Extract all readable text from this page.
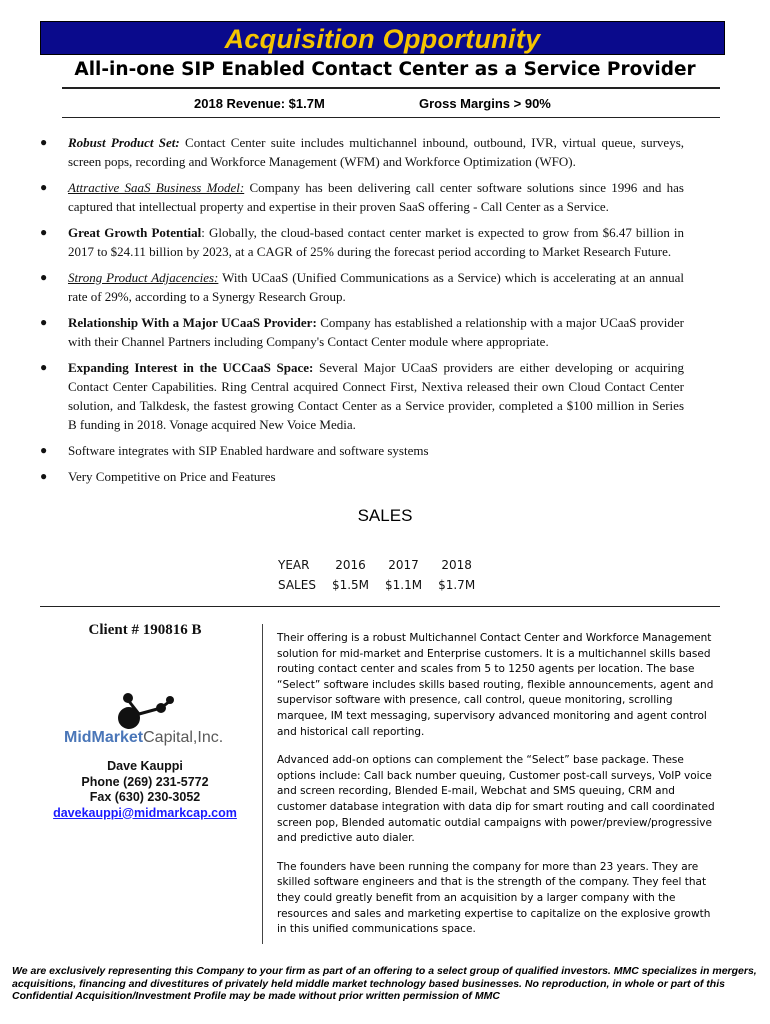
Acquisition Opportunity
All-in-one SIP Enabled Contact Center as a Service Provider
2018 Revenue: $1.7M	Gross Margins > 90%
● Robust Product Set: Contact Center suite includes multichannel inbound, outbound, IVR, virtual queue, surveys, screen pops, recording and Workforce Management (WFM) and Workforce Optimization (WFO).
● Attractive SaaS Business Model: Company has been delivering call center software solutions since 1996 and has captured that intellectual property and expertise in their proven SaaS offering - Call Center as a Service.
● Great Growth Potential: Globally, the cloud-based contact center market is expected to grow from $6.47 billion in 2017 to $24.11 billion by 2023, at a CAGR of 25% during the forecast period according to Market Research Future.
● Strong Product Adjacencies: With UCaaS (Unified Communications as a Service) which is accelerating at an annual rate of 29%, according to a Synergy Research Group.
● Relationship With a Major UCaaS Provider: Company has established a relationship with a major UCaaS provider with their Channel Partners including Company's Contact Center module where appropriate.
● Expanding Interest in the UCCaaS Space: Several Major UCaaS providers are either developing or acquiring Contact Center Capabilities. Ring Central acquired Connect First, Nextiva released their own Cloud Contact Center solution, and Talkdesk, the fastest growing Contact Center as a Service provider, completed a $100 million in Series B funding in 2018. Vonage acquired New Voice Media.
● Software integrates with SIP Enabled hardware and software systems
● Very Competitive on Price and Features
SALES
YEAR	2016	2017	2018
SALES	$1.5M	$1.1M	$1.7M
Client # 190816 B
MidMarketCapital,Inc.
Dave Kauppi
Phone (269) 231-5772
Fax (630) 230-3052
davekauppi@midmarkcap.com

Their offering is a robust Multichannel Contact Center and Workforce Management solution for mid-market and Enterprise customers. It is a multichannel skills based routing contact center and scales from 5 to 1250 agents per location. The base “Select” software includes skills based routing, flexible announcements, agent and supervisor software with presence, call control, queue monitoring, scrolling marquee, IM text messaging, supervisory advanced monitoring and agent control and historical call reporting.

Advanced add-on options can complement the “Select” base package. These options include: Call back number queuing, Customer post-call surveys, VoIP voice and screen recording, Blended E-mail, Webchat and SMS queuing, CRM and customer database integration with data dip for smart routing and call coordinated screen pop, Blended automatic outdial campaigns with power/preview/progressive and predictive auto dialer.

The founders have been running the company for more than 23 years. They are skilled software engineers and that is the strength of the company. They feel that they could greatly benefit from an acquisition by a larger company with the resources and sales and marketing expertise to capitalize on the explosive growth in this unified communications space.

We are exclusively representing this Company to your firm as part of an offering to a select group of qualified investors. MMC specializes in mergers, acquisitions, financing and divestitures of privately held middle market technology based businesses. No reproduction, in whole or part of this Confidential Acquisition/Investment Profile may be made without prior written permission of MMC
